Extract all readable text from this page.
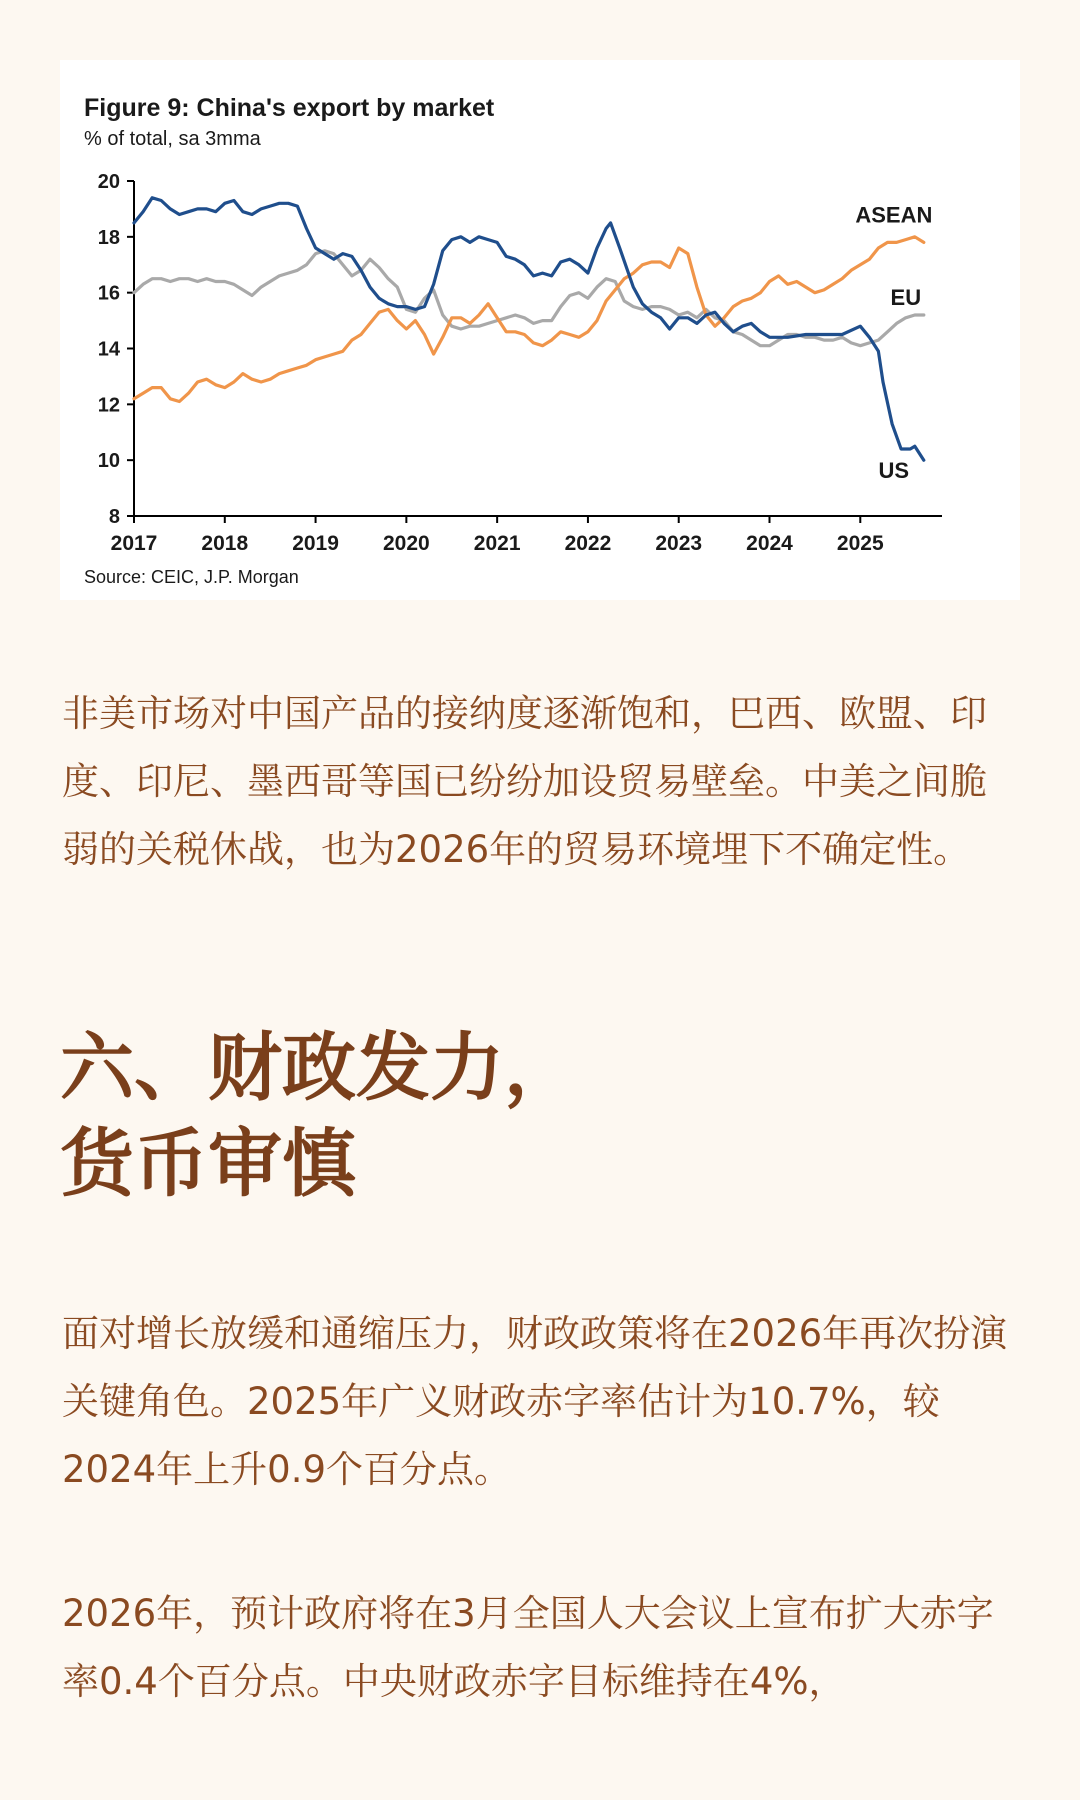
Figure 9: China's export by market
% of total, sa 3mma
8
10
12
14
16
18
20
2017 2018 2019 2020 2021 2022 2023 2024 2025
EU
ASEAN
US
Source: CEIC, J.P. Morgan

非美市场对中国产品的接纳度逐渐饱和，巴西、欧盟、印度、印尼、墨西哥等国已纷纷加设贸易壁垒。中美之间脆弱的关税休战，也为2026年的贸易环境埋下不确定性。

六、财政发力，
货币审慎

面对增长放缓和通缩压力，财政政策将在2026年再次扮演关键角色。2025年广义财政赤字率估计为10.7%，较2024年上升0.9个百分点。

2026年，预计政府将在3月全国人大会议上宣布扩大赤字率0.4个百分点。中央财政赤字目标维持在4%，
